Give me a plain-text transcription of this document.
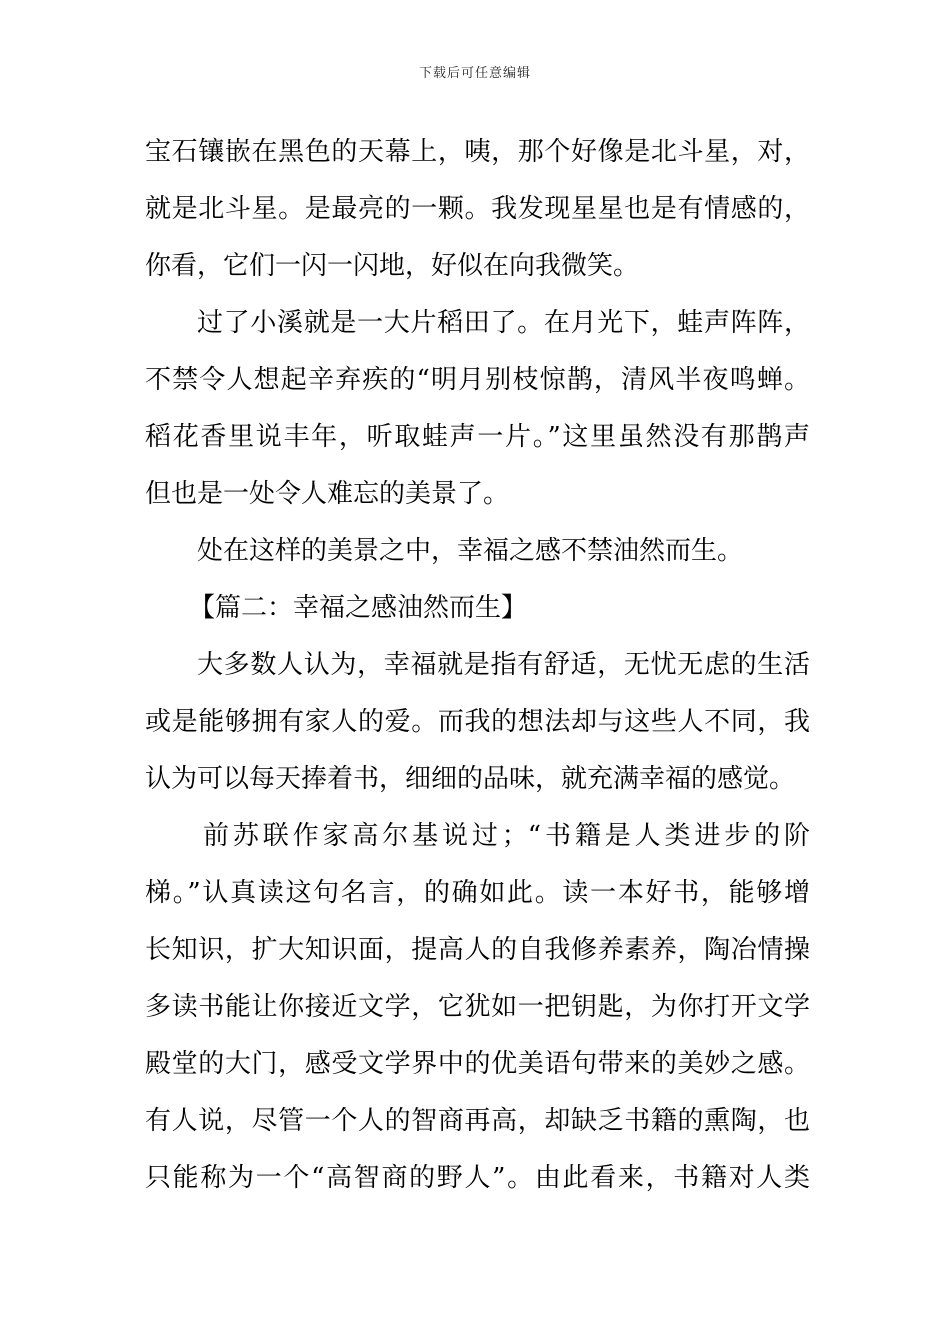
下载后可任意编辑
宝石镶嵌在黑色的天幕上，咦，那个好像是北斗星，对，
就是北斗星。是最亮的一颗。我发现星星也是有情感的，
你看，它们一闪一闪地，好似在向我微笑。
过了小溪就是一大片稻田了。在月光下，蛙声阵阵，
不禁令人想起辛弃疾的“明月别枝惊鹊，清风半夜鸣蝉。
稻花香里说丰年，听取蛙声一片。”这里虽然没有那鹊声
但也是一处令人难忘的美景了。
处在这样的美景之中，幸福之感不禁油然而生。
【篇二：幸福之感油然而生】
大多数人认为，幸福就是指有舒适，无忧无虑的生活
或是能够拥有家人的爱。而我的想法却与这些人不同，我
认为可以每天捧着书，细细的品味，就充满幸福的感觉。
前苏联作家高尔基说过；“书籍是人类进步的阶
梯。”认真读这句名言，的确如此。读一本好书，能够增
长知识，扩大知识面，提高人的自我修养素养，陶冶情操
多读书能让你接近文学，它犹如一把钥匙，为你打开文学
殿堂的大门，感受文学界中的优美语句带来的美妙之感。
有人说，尽管一个人的智商再高，却缺乏书籍的熏陶，也
只能称为一个“高智商的野人”。由此看来，书籍对人类
